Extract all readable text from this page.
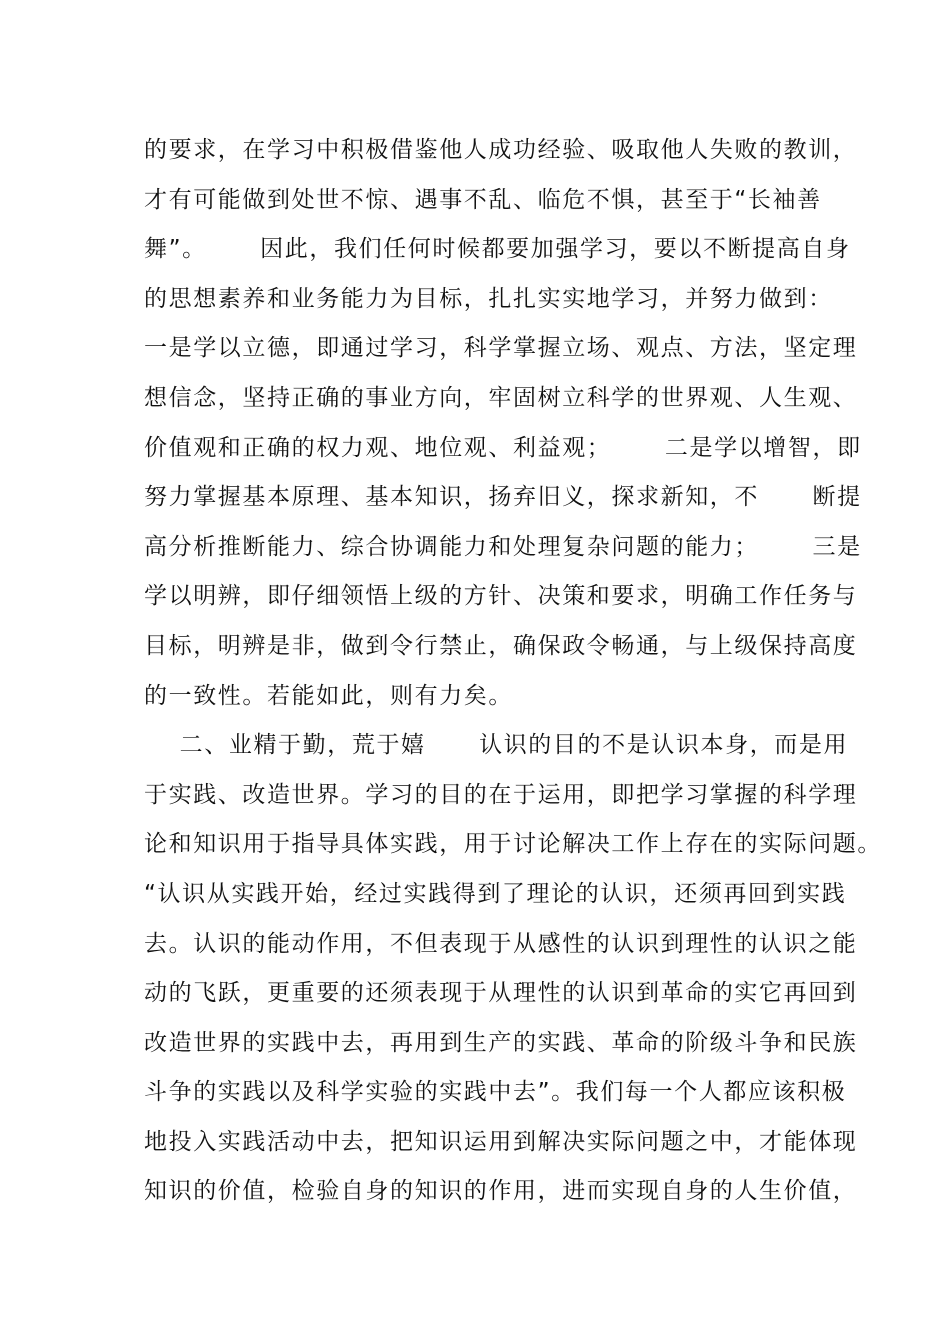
的要求，在学习中积极借鉴他人成功经验、吸取他人失败的教训，
才有可能做到处世不惊、遇事不乱、临危不惧，甚至于“长袖善
舞”。      因此，我们任何时候都要加强学习，要以不断提高自身
的思想素养和业务能力为目标，扎扎实实地学习，并努力做到：
一是学以立德，即通过学习，科学掌握立场、观点、方法，坚定理
想信念，坚持正确的事业方向，牢固树立科学的世界观、人生观、
价值观和正确的权力观、地位观、利益观；      二是学以增智，即
努力掌握基本原理、基本知识，扬弃旧义，探求新知，不      断提
高分析推断能力、综合协调能力和处理复杂问题的能力；      三是
学以明辨，即仔细领悟上级的方针、决策和要求，明确工作任务与
目标，明辨是非，做到令行禁止，确保政令畅通，与上级保持高度
的一致性。若能如此，则有力矣。
二、业精于勤，荒于嬉      认识的目的不是认识本身，而是用
于实践、改造世界。学习的目的在于运用，即把学习掌握的科学理
论和知识用于指导具体实践，用于讨论解决工作上存在的实际问题。
“认识从实践开始，经过实践得到了理论的认识，还须再回到实践
去。认识的能动作用，不但表现于从感性的认识到理性的认识之能
动的飞跃，更重要的还须表现于从理性的认识到革命的实它再回到
改造世界的实践中去，再用到生产的实践、革命的阶级斗争和民族
斗争的实践以及科学实验的实践中去”。我们每一个人都应该积极
地投入实践活动中去，把知识运用到解决实际问题之中，才能体现
知识的价值，检验自身的知识的作用，进而实现自身的人生价值，
